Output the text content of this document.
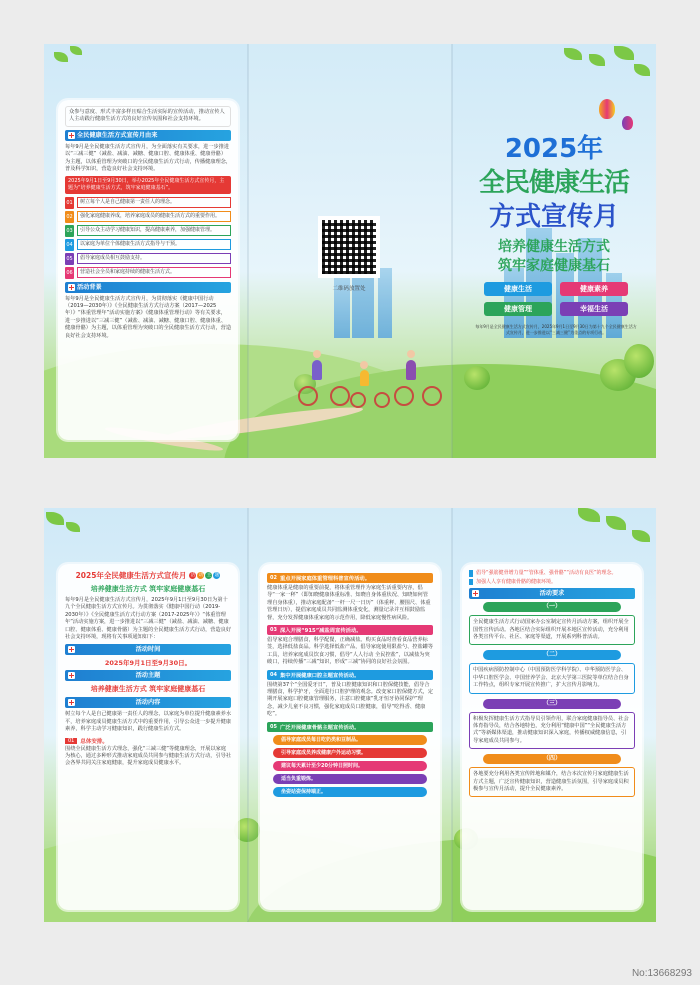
众参与意度、形式丰富多样且贴合生活实际的宣传活动，推动宣传人人主动践行健康生活方式的良好宣传氛围和社会支持环境。
全民健康生活方式宣传月由来
每年9月是全民健康生活方式宣传月，为全面落实有关要求，进一步推进以“三减三健”（减盐、减油、减糖、健康口腔、健康体重、健康骨骼）为主题，以体重管理为突破口的全民健康生活方式行动，传播健康理念，普及科学知识，营造良好社会支持环境。
2025年9月1日至9月30日，举办2025年全民健康生活方式宣传月，主题为“培养健康生活方式，筑牢家庭健康基石”。
01	树立每个人是自己健康第一责任人的理念。
02	强化家庭健康养成，培养家庭成员的健康生活方式的重要作用。
03	引导公众主动学习健康知识，提高健康素养，加强健康管理。
04	以家庭为单位个体健康生活方式指导与干预。
05	倡导家庭成员相互鼓励支持。
06	营造社会全员和家庭持续的健康生活方式。
活动背景
每年9月是全民健康生活方式宣传月，为贯彻落实《健康中国行动（2019—2030年）》《全民健康生活方式行动方案（2017—2025年）》“体重管理年”活动实施方案》《健康体重管理行动》等有关要求，进一步推进以“三减三健”（减盐、减油、减糖、健康口腔、健康体重、健康骨骼）为主题，以体重管理为突破口的全民健康生活方式行动，营造良好社会支持环境。
二维码放置处
2025年
全民健康生活
方式宣传月
培养健康生活方式
筑牢家庭健康基石
健康生活	健康素养
健康管理	幸福生活
每年9月是全民健康生活方式宣传月，2025年9月1日至9月30日为第十九个全民健康生活方式宣传月，进一步推进以“三减三健”为重点的专项行动。
2025年全民健康生活方式宣传月 活 动 主 题
培养健康生活方式 筑牢家庭健康基石
每年9月是全民健康生活方式宣传月，2025年9月1日至9月30日为第十九个全民健康生活方式宣传月。为贯彻落实《健康中国行动（2019-2030年）》《全民健康生活方式行动方案（2017-2025年）》“体重管理年”活动实施方案，进一步推进以“三减三健”（减盐、减油、减糖、健康口腔、健康体重、健康骨骼）为主题的全民健康生活方式行动，营造良好社会支持环境，现将有关事项通知如下：
活动时间
2025年9月1日至9月30日。
活动主题
培养健康生活方式 筑牢家庭健康基石
活动内容
树立每个人是自己健康第一责任人的理念，以家庭为单位提升健康素养水平，培养家庭成员健康生活方式中的重要作用，引导公众进一步提升健康素养，科学主动学习健康知识，践行健康生活方式。
01	总体安排。
围绕全民健康生活方式理念，强化“三减三健”等健康理念，开展以家庭为核心，通过多种形式推动家庭成员共同参与健康生活方式行动，引导社会各界共同关注家庭健康，提升家庭成员健康水平。
02 重点开展家庭体重管理科普宣传活动。
健康体重是健康的重要前提，将体重管理作为家庭生活重要内容，倡导“一家一秤”（即知晓健康体重标准、知晓自身体重状况、知晓如何管理自身体重），推动家庭配备“一杆一尺一日历”（体重秤、腰围尺、体重管理日历），提倡家庭成员共同监测体重变化，测量记录并互相鼓励监督，充分发挥健康体重家庭的示范作用，降低家庭慢性病风险。
03 深入开展“915”减盐周宣传活动。
倡导家庭合理膳食，科学配餐，正确减盐。购买食品时查看食品营养标签，选择低盐食品。科学选择低盐产品，倡导家庭使用限盐勺、控盐罐等工具，培养家庭成员饮食习惯，倡导“人人行动 全民控盐”，以减盐为突破口，持续传播“三减”知识，形成“三减”协同的良好社会氛围。
04 集中开展健康口腔主题宣传活动。
围绕第37个“全国爱牙日”，普及口腔健康知识和口腔保健技能，倡导合理膳食，科学护牙，全面进行口腔护理的观念。改变家口腔保健方式，定期开展家庭口腔健康管理服务，注意口腔健康“乳牙恒牙协同保护”理念，减少儿童不良习惯，强化家庭成员口腔健康，倡导“吃得香、健康吃”。
05 广泛开展健康骨骼主题宣传活动。
倡导家庭成员每日吃奶类和豆制品。
引导家庭成员养成健康户外运动习惯。
建议每天累计至少20分钟日照时间。
适当负重锻炼。
坐姿站姿保持端正。
倡导“强筋健骨增力量”“管体重、强骨骼”“活动有良医”的理念。
加强人人享有健康骨骼的健康环境。
活动要求
（一）
全民健康生活方式行动国家办公室制定宣传月活动方案，组织开展全国性宣传活动。各地区结合实际组织开展本地区宣传活动，充分利用各类宣传平台、社区、家庭等渠道，开展系列科普活动。
（二）
中国疾病预防控制中心（中国预防医学科学院）、中华预防医学会、中华口腔医学会、中国营养学会、北京大学第三医院等单位结合自身工作特点，组织专家开展宣传推广，扩大宣传月影响力。
（三）
积极发挥健康生活方式指导员引领作用，联合家庭健康指导员、社会体育指导员，结合各地特色，充分利用“健康中国”“全民健康生活方式”等新媒体渠道，推动健康知识深入家庭，传播权威健康信息，引导家庭成员共同参与。
（四）
各地要充分利用各类宣传阵地和媒介，结合本次宣传月家庭健康生活方式主题，广泛宣传健康知识，营造健康生活氛围，引导家庭成员积极参与宣传月活动，提升全民健康素养。
No:13668293
